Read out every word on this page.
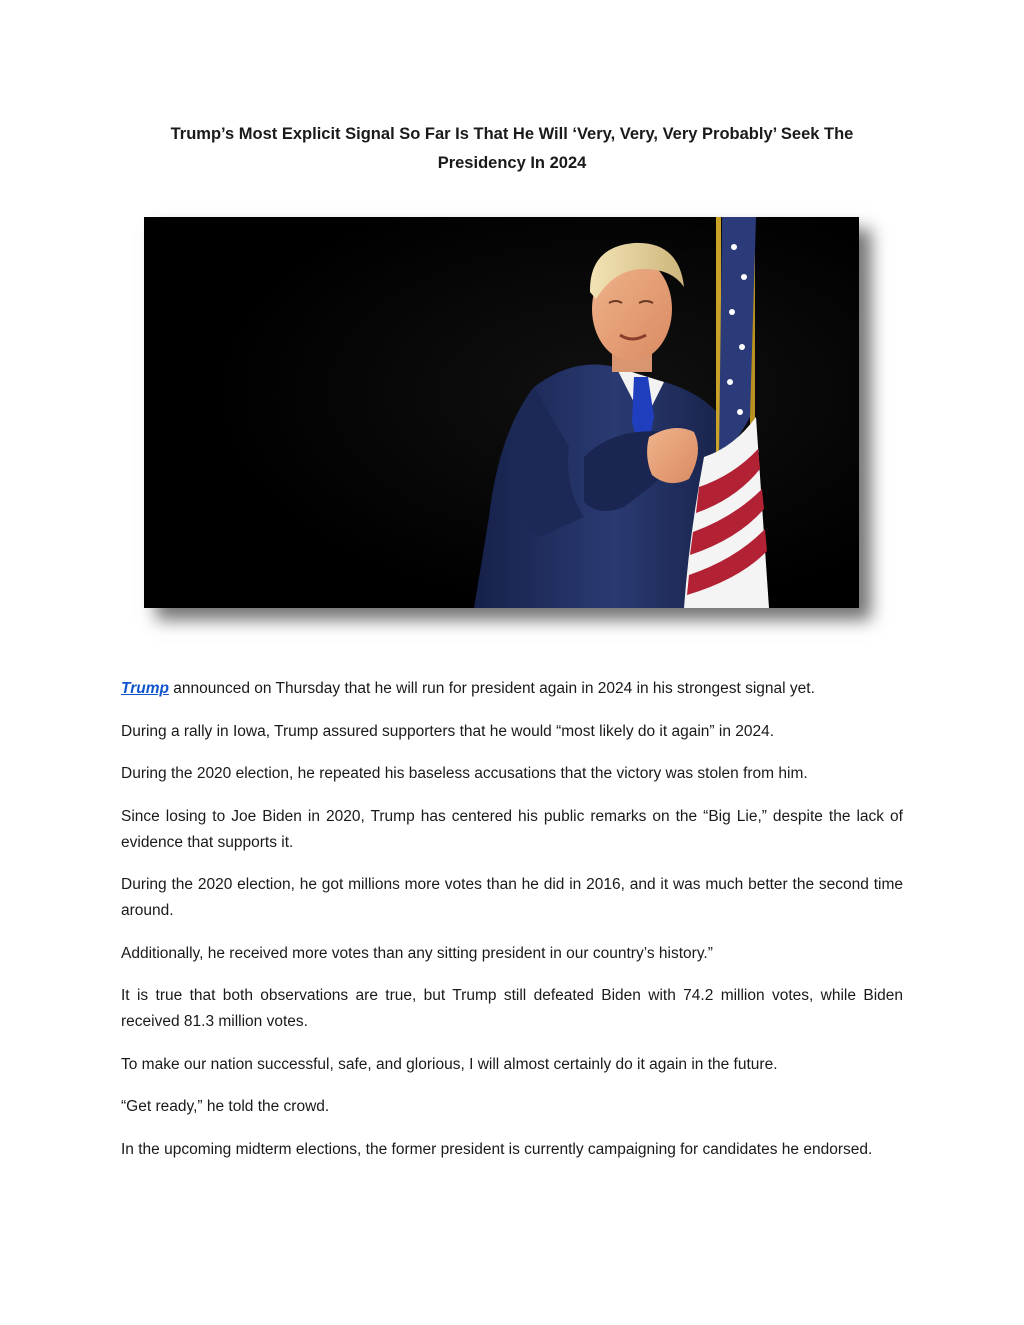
Trump’s Most Explicit Signal So Far Is That He Will ‘Very, Very, Very Probably’ Seek The Presidency In 2024

Trump announced on Thursday that he will run for president again in 2024 in his strongest signal yet.

During a rally in Iowa, Trump assured supporters that he would “most likely do it again” in 2024.

During the 2020 election, he repeated his baseless accusations that the victory was stolen from him.

Since losing to Joe Biden in 2020, Trump has centered his public remarks on the “Big Lie,” despite the lack of evidence that supports it.

During the 2020 election, he got millions more votes than he did in 2016, and it was much better the second time around.

Additionally, he received more votes than any sitting president in our country’s history.”

It is true that both observations are true, but Trump still defeated Biden with 74.2 million votes, while Biden received 81.3 million votes.

To make our nation successful, safe, and glorious, I will almost certainly do it again in the future.

“Get ready,” he told the crowd.

In the upcoming midterm elections, the former president is currently campaigning for candidates he endorsed.
